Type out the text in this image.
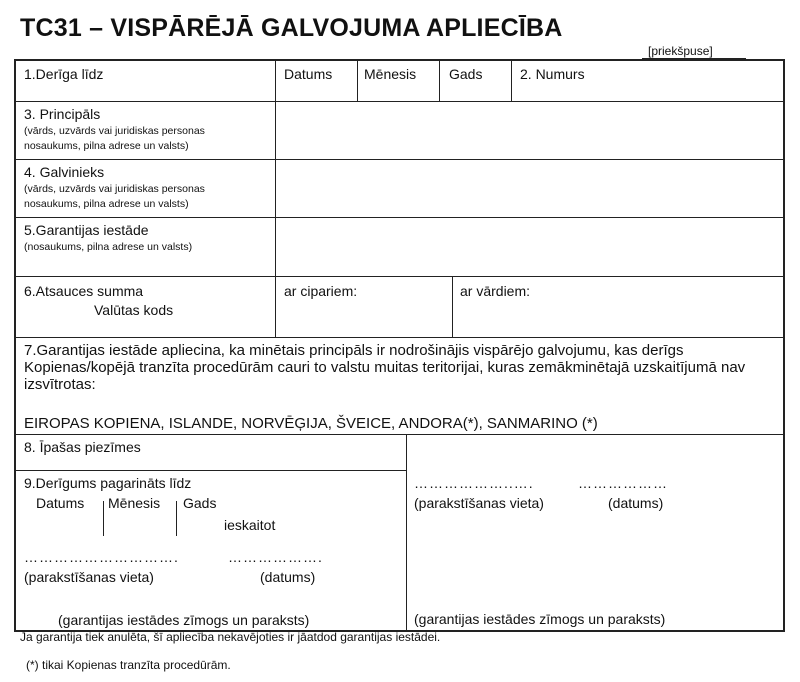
TC31 – VISPĀRĒJĀ GALVOJUMA APLIECĪBA
[priekšpuse]
1.Derīga līdz	Datums Mēnesis Gads	2. Numurs
3. Principāls
(vārds, uzvārds vai juridiskas personas
nosaukums, pilna adrese un valsts)
4. Galvinieks
(vārds, uzvārds vai juridiskas personas
nosaukums, pilna adrese un valsts)
5.Garantijas iestāde
(nosaukums, pilna adrese un valsts)
6.Atsauces summa
Valūtas kods
ar cipariem:	ar vārdiem:
7.Garantijas iestāde apliecina, ka minētais principāls ir nodrošinājis vispārējo galvojumu, kas derīgs Kopienas/kopējā tranzīta procedūrām cauri to valstu muitas teritorijai, kuras zemākminētajā uzskaitījumā nav izsvītrotas:
EIROPAS KOPIENA, ISLANDE, NORVĒĢIJA, ŠVEICE, ANDORA(*), SANMARINO (*)
8. Īpašas piezīmes
9.Derīgums pagarināts līdz
Datums Mēnesis Gads
ieskaitot
………………………….	……………….
(parakstīšanas vieta)	(datums)
(garantijas iestādes zīmogs un paraksts)
………………..….	………………
(parakstīšanas vieta)	(datums)
(garantijas iestādes zīmogs un paraksts)
Ja garantija tiek anulēta, šī apliecība nekavējoties ir jāatdod garantijas iestādei.
(*) tikai Kopienas tranzīta procedūrām.
